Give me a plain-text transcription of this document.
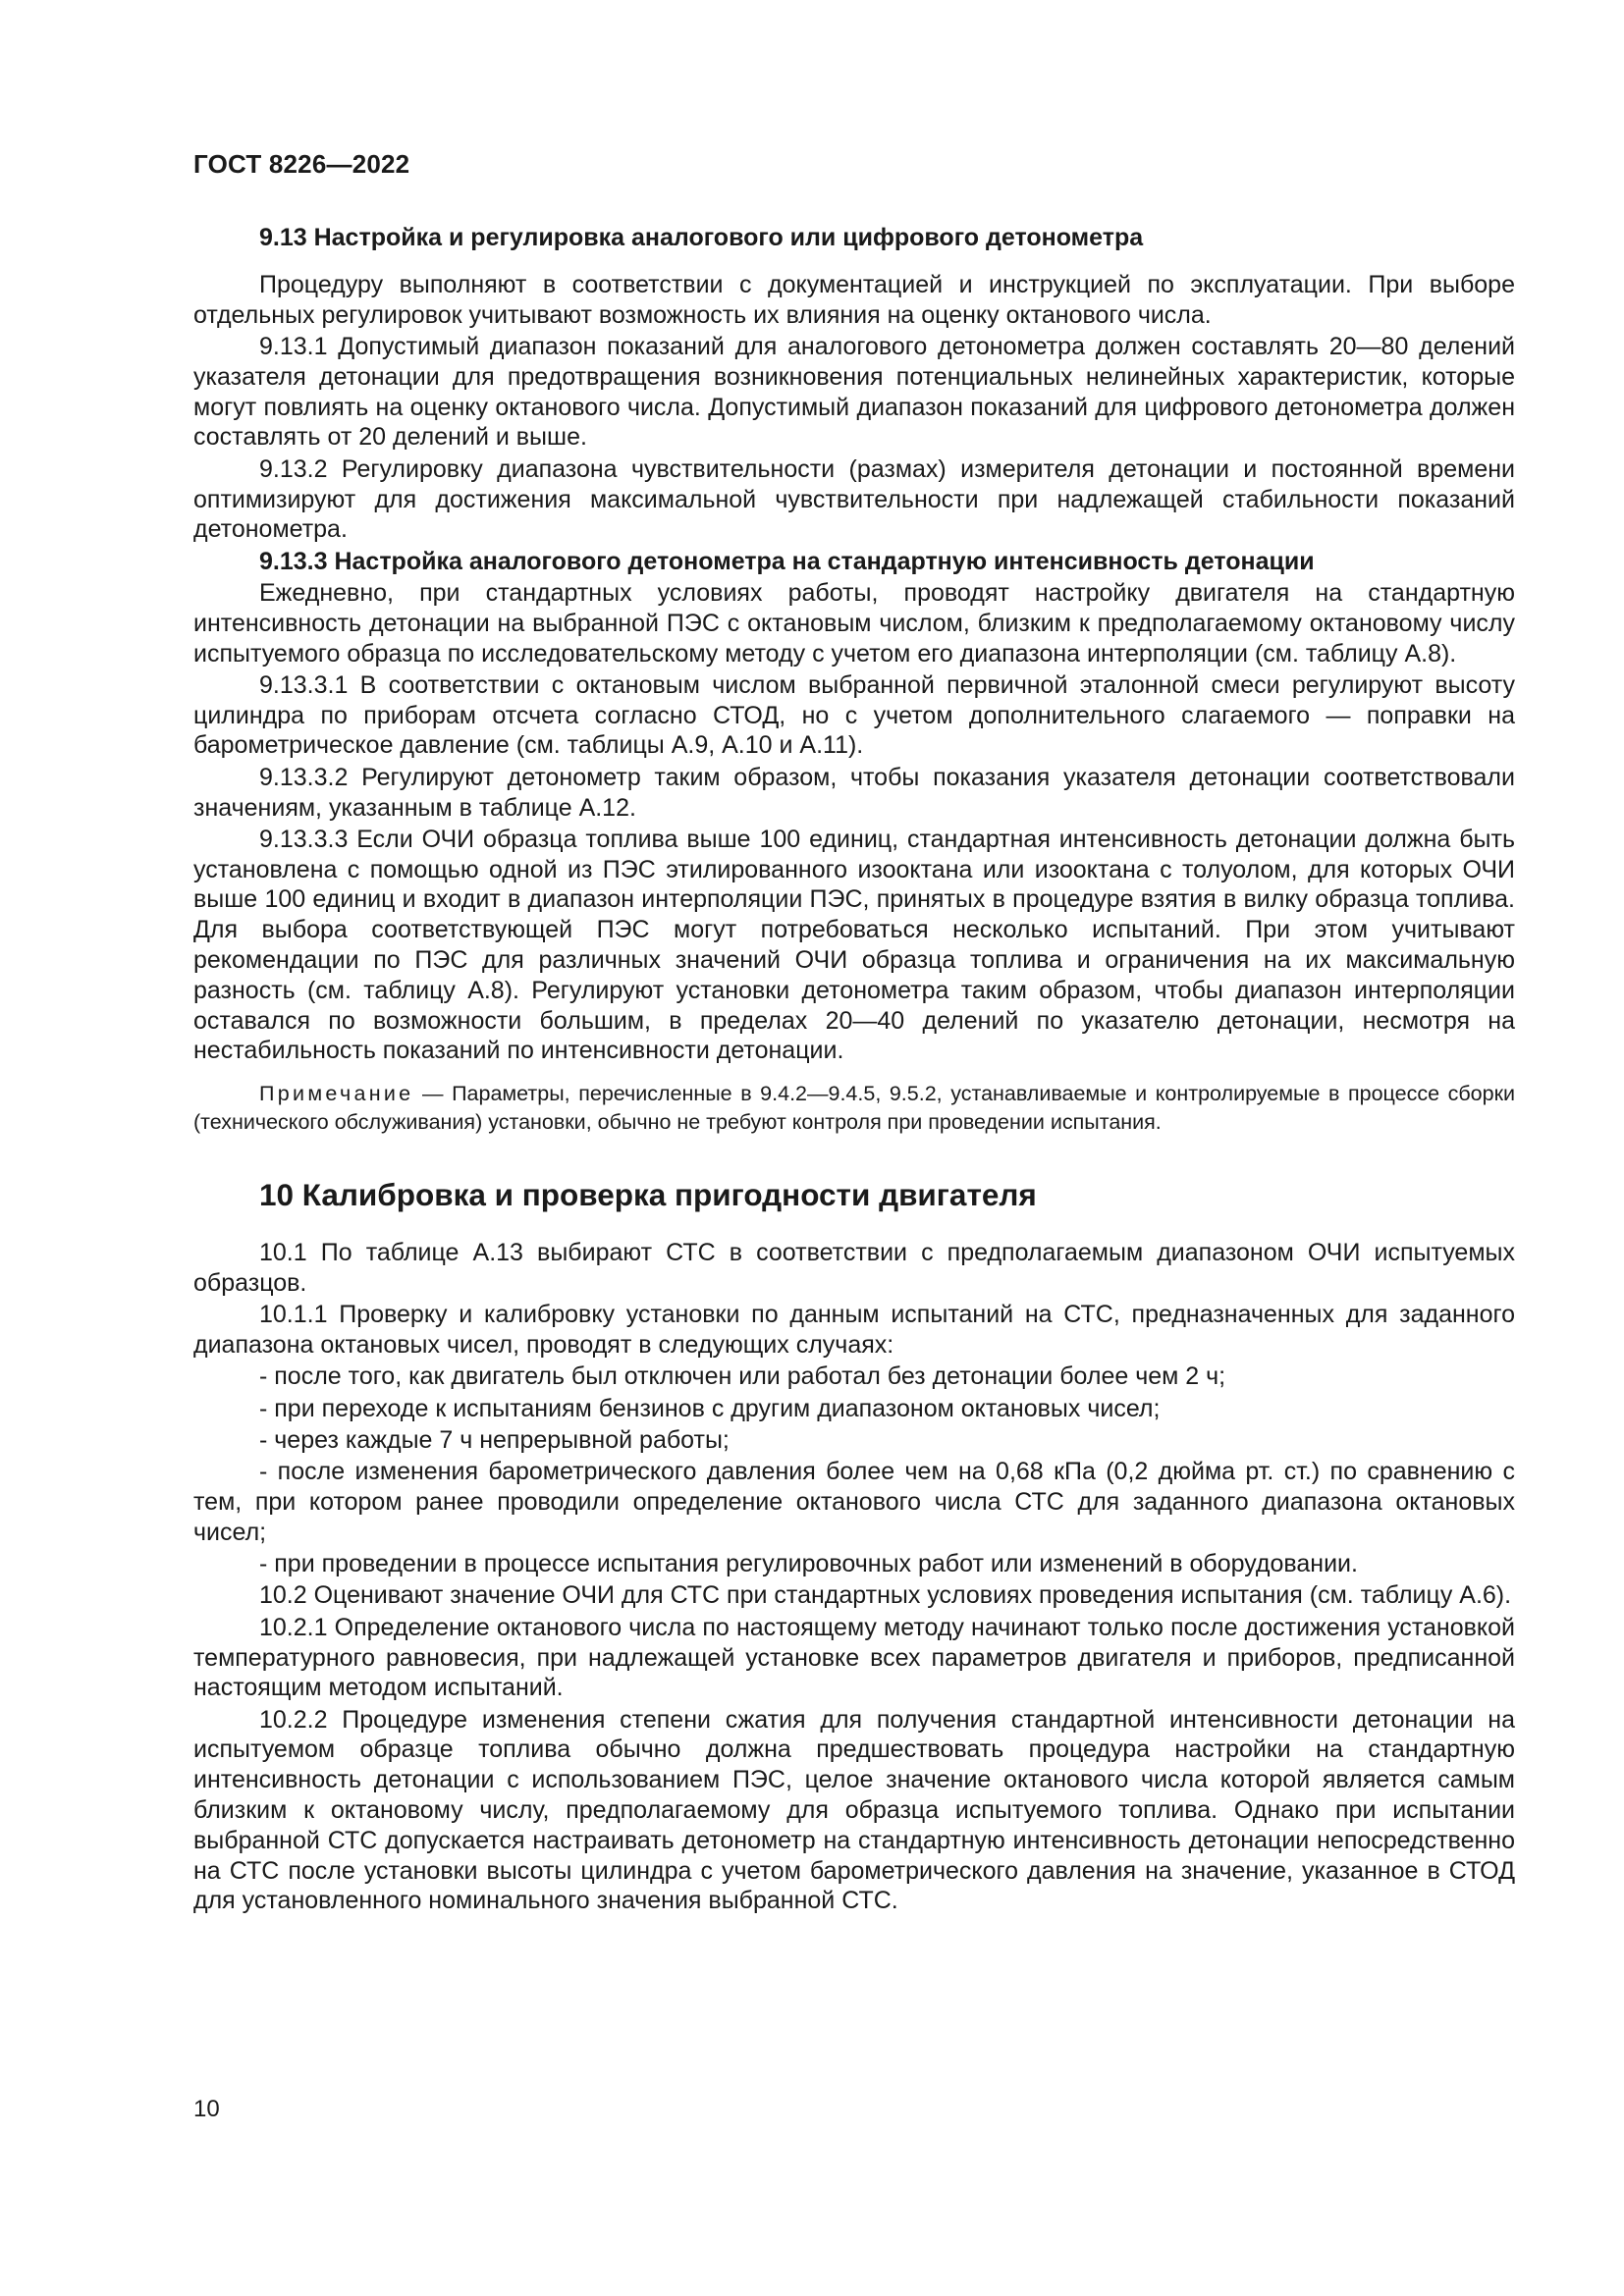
ГОСТ 8226—2022
9.13 Настройка и регулировка аналогового или цифрового детонометра
Процедуру выполняют в соответствии с документацией и инструкцией по эксплуатации. При выборе отдельных регулировок учитывают возможность их влияния на оценку октанового числа.
9.13.1 Допустимый диапазон показаний для аналогового детонометра должен составлять 20—80 делений указателя детонации для предотвращения возникновения потенциальных нелинейных характеристик, которые могут повлиять на оценку октанового числа. Допустимый диапазон показаний для цифрового детонометра должен составлять от 20 делений и выше.
9.13.2 Регулировку диапазона чувствительности (размах) измерителя детонации и постоянной времени оптимизируют для достижения максимальной чувствительности при надлежащей стабильности показаний детонометра.
9.13.3 Настройка аналогового детонометра на стандартную интенсивность детонации
Ежедневно, при стандартных условиях работы, проводят настройку двигателя на стандартную интенсивность детонации на выбранной ПЭС с октановым числом, близким к предполагаемому октановому числу испытуемого образца по исследовательскому методу с учетом его диапазона интерполяции (см. таблицу А.8).
9.13.3.1 В соответствии с октановым числом выбранной первичной эталонной смеси регулируют высоту цилиндра по приборам отсчета согласно СТОД, но с учетом дополнительного слагаемого — поправки на барометрическое давление (см. таблицы А.9, А.10 и А.11).
9.13.3.2 Регулируют детонометр таким образом, чтобы показания указателя детонации соответствовали значениям, указанным в таблице А.12.
9.13.3.3 Если ОЧИ образца топлива выше 100 единиц, стандартная интенсивность детонации должна быть установлена с помощью одной из ПЭС этилированного изооктана или изооктана с толуолом, для которых ОЧИ выше 100 единиц и входит в диапазон интерполяции ПЭС, принятых в процедуре взятия в вилку образца топлива. Для выбора соответствующей ПЭС могут потребоваться несколько испытаний. При этом учитывают рекомендации по ПЭС для различных значений ОЧИ образца топлива и ограничения на их максимальную разность (см. таблицу А.8). Регулируют установки детонометра таким образом, чтобы диапазон интерполяции оставался по возможности большим, в пределах 20—40 делений по указателю детонации, несмотря на нестабильность показаний по интенсивности детонации.
Примечание — Параметры, перечисленные в 9.4.2—9.4.5, 9.5.2, устанавливаемые и контролируемые в процессе сборки (технического обслуживания) установки, обычно не требуют контроля при проведении испытания.
10 Калибровка и проверка пригодности двигателя
10.1 По таблице А.13 выбирают СТС в соответствии с предполагаемым диапазоном ОЧИ испытуемых образцов.
10.1.1 Проверку и калибровку установки по данным испытаний на СТС, предназначенных для заданного диапазона октановых чисел, проводят в следующих случаях:
- после того, как двигатель был отключен или работал без детонации более чем 2 ч;
- при переходе к испытаниям бензинов с другим диапазоном октановых чисел;
- через каждые 7 ч непрерывной работы;
- после изменения барометрического давления более чем на 0,68 кПа (0,2 дюйма рт. ст.) по сравнению с тем, при котором ранее проводили определение октанового числа СТС для заданного диапазона октановых чисел;
- при проведении в процессе испытания регулировочных работ или изменений в оборудовании.
10.2 Оценивают значение ОЧИ для СТС при стандартных условиях проведения испытания (см. таблицу А.6).
10.2.1 Определение октанового числа по настоящему методу начинают только после достижения установкой температурного равновесия, при надлежащей установке всех параметров двигателя и приборов, предписанной настоящим методом испытаний.
10.2.2 Процедуре изменения степени сжатия для получения стандартной интенсивности детонации на испытуемом образце топлива обычно должна предшествовать процедура настройки на стандартную интенсивность детонации с использованием ПЭС, целое значение октанового числа которой является самым близким к октановому числу, предполагаемому для образца испытуемого топлива. Однако при испытании выбранной СТС допускается настраивать детонометр на стандартную интенсивность детонации непосредственно на СТС после установки высоты цилиндра с учетом барометрического давления на значение, указанное в СТОД для установленного номинального значения выбранной СТС.
10
